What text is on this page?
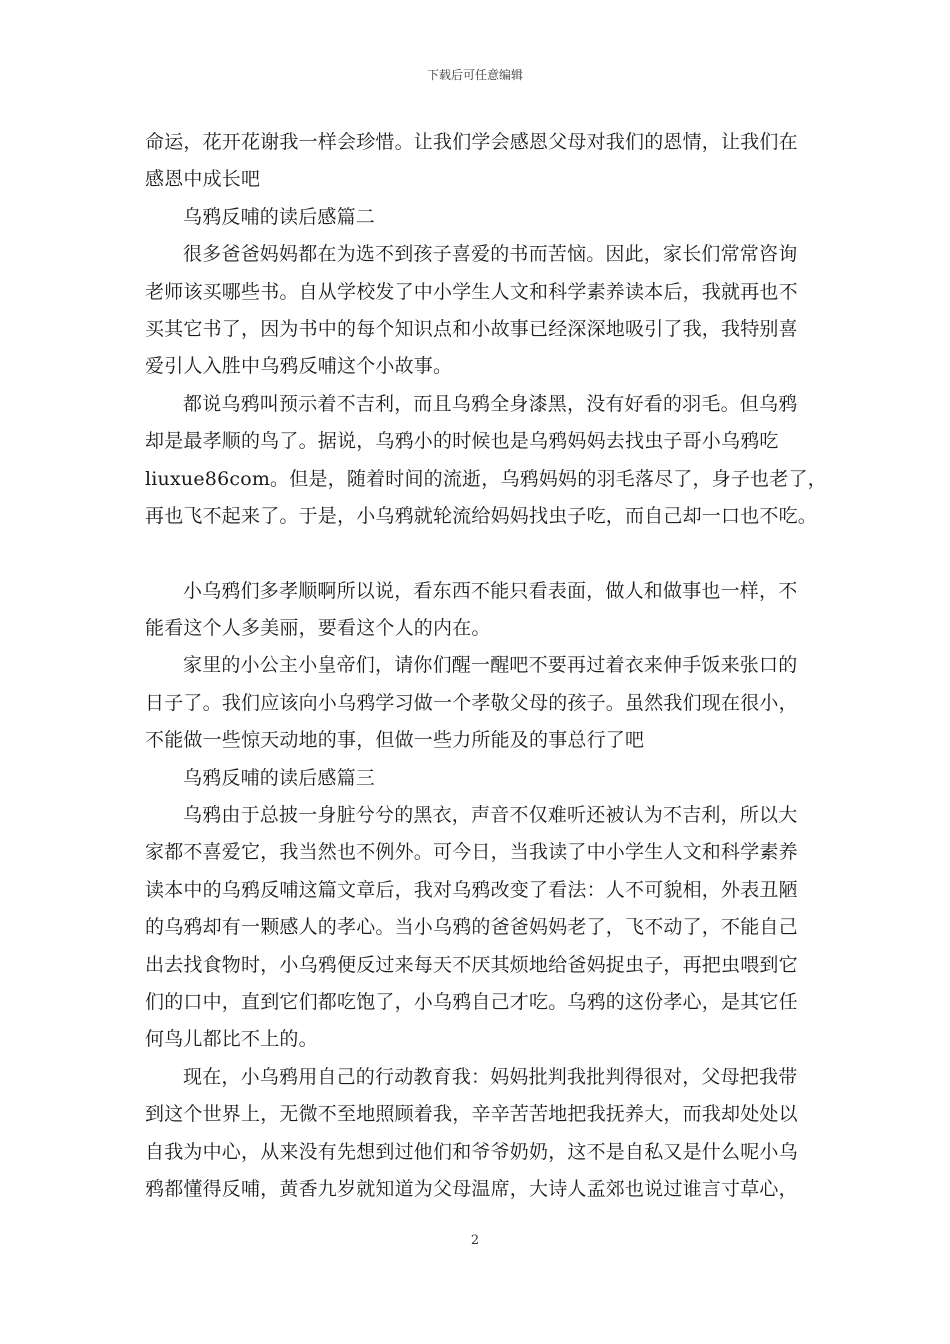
下载后可任意编辑
命运，花开花谢我一样会珍惜。让我们学会感恩父母对我们的恩情，让我们在
感恩中成长吧
乌鸦反哺的读后感篇二
很多爸爸妈妈都在为选不到孩子喜爱的书而苦恼。因此，家长们常常咨询
老师该买哪些书。自从学校发了中小学生人文和科学素养读本后，我就再也不
买其它书了，因为书中的每个知识点和小故事已经深深地吸引了我，我特别喜
爱引人入胜中乌鸦反哺这个小故事。
都说乌鸦叫预示着不吉利，而且乌鸦全身漆黑，没有好看的羽毛。但乌鸦
却是最孝顺的鸟了。据说，乌鸦小的时候也是乌鸦妈妈去找虫子哥小乌鸦吃
liuxue86com。但是，随着时间的流逝，乌鸦妈妈的羽毛落尽了，身子也老了，
再也飞不起来了。于是，小乌鸦就轮流给妈妈找虫子吃，而自己却一口也不吃。
小乌鸦们多孝顺啊所以说，看东西不能只看表面，做人和做事也一样，不
能看这个人多美丽，要看这个人的内在。
家里的小公主小皇帝们，请你们醒一醒吧不要再过着衣来伸手饭来张口的
日子了。我们应该向小乌鸦学习做一个孝敬父母的孩子。虽然我们现在很小，
不能做一些惊天动地的事，但做一些力所能及的事总行了吧
乌鸦反哺的读后感篇三
乌鸦由于总披一身脏兮兮的黑衣，声音不仅难听还被认为不吉利，所以大
家都不喜爱它，我当然也不例外。可今日，当我读了中小学生人文和科学素养
读本中的乌鸦反哺这篇文章后，我对乌鸦改变了看法：人不可貌相，外表丑陋
的乌鸦却有一颗感人的孝心。当小乌鸦的爸爸妈妈老了，飞不动了，不能自己
出去找食物时，小乌鸦便反过来每天不厌其烦地给爸妈捉虫子，再把虫喂到它
们的口中，直到它们都吃饱了，小乌鸦自己才吃。乌鸦的这份孝心，是其它任
何鸟儿都比不上的。
现在，小乌鸦用自己的行动教育我：妈妈批判我批判得很对，父母把我带
到这个世界上，无微不至地照顾着我，辛辛苦苦地把我抚养大，而我却处处以
自我为中心，从来没有先想到过他们和爷爷奶奶，这不是自私又是什么呢小乌
鸦都懂得反哺，黄香九岁就知道为父母温席，大诗人孟郊也说过谁言寸草心，
2
